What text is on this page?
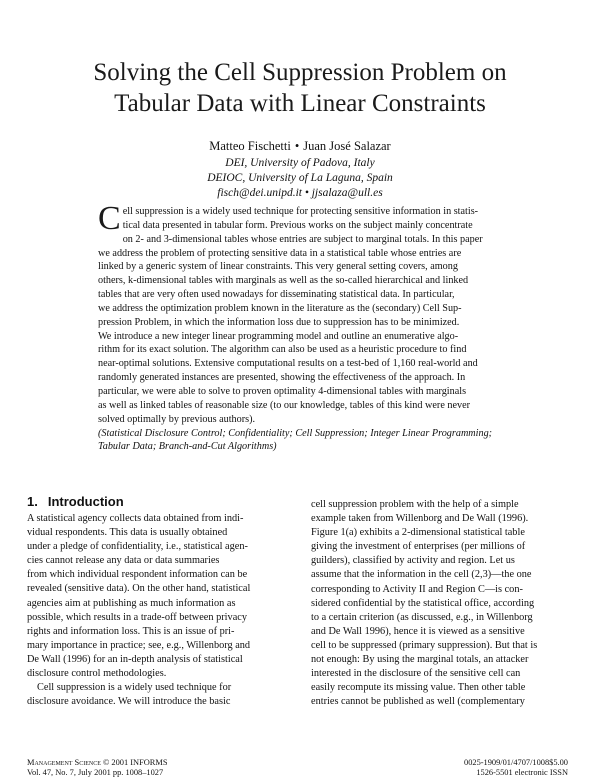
Solving the Cell Suppression Problem on
Tabular Data with Linear Constraints
Matteo Fischetti • Juan José Salazar
DEI, University of Padova, Italy
DEIOC, University of La Laguna, Spain
fisch@dei.unipd.it • jjsalaza@ull.es
C ell suppression is a widely used technique for protecting sensitive information in statis-
tical data presented in tabular form. Previous works on the subject mainly concentrate
on 2- and 3-dimensional tables whose entries are subject to marginal totals. In this paper
we address the problem of protecting sensitive data in a statistical table whose entries are
linked by a generic system of linear constraints. This very general setting covers, among
others, k-dimensional tables with marginals as well as the so-called hierarchical and linked
tables that are very often used nowadays for disseminating statistical data. In particular,
we address the optimization problem known in the literature as the (secondary) Cell Sup-
pression Problem, in which the information loss due to suppression has to be minimized.
We introduce a new integer linear programming model and outline an enumerative algo-
rithm for its exact solution. The algorithm can also be used as a heuristic procedure to find
near-optimal solutions. Extensive computational results on a test-bed of 1,160 real-world and
randomly generated instances are presented, showing the effectiveness of the approach. In
particular, we were able to solve to proven optimality 4-dimensional tables with marginals
as well as linked tables of reasonable size (to our knowledge, tables of this kind were never
solved optimally by previous authors).
(Statistical Disclosure Control; Confidentiality; Cell Suppression; Integer Linear Programming;
Tabular Data; Branch-and-Cut Algorithms)
1. Introduction
A statistical agency collects data obtained from indi-
vidual respondents. This data is usually obtained
under a pledge of confidentiality, i.e., statistical agen-
cies cannot release any data or data summaries
from which individual respondent information can be
revealed (sensitive data). On the other hand, statistical
agencies aim at publishing as much information as
possible, which results in a trade-off between privacy
rights and information loss. This is an issue of pri-
mary importance in practice; see, e.g., Willenborg and
De Wall (1996) for an in-depth analysis of statistical
disclosure control methodologies.
Cell suppression is a widely used technique for
disclosure avoidance. We will introduce the basic
cell suppression problem with the help of a simple
example taken from Willenborg and De Wall (1996).
Figure 1(a) exhibits a 2-dimensional statistical table
giving the investment of enterprises (per millions of
guilders), classified by activity and region. Let us
assume that the information in the cell (2,3)—the one
corresponding to Activity II and Region C—is con-
sidered confidential by the statistical office, according
to a certain criterion (as discussed, e.g., in Willenborg
and De Wall 1996), hence it is viewed as a sensitive
cell to be suppressed (primary suppression). But that is
not enough: By using the marginal totals, an attacker
interested in the disclosure of the sensitive cell can
easily recompute its missing value. Then other table
entries cannot be published as well (complementary
Management Science © 2001 INFORMS
Vol. 47, No. 7, July 2001 pp. 1008–1027
0025-1909/01/4707/1008$5.00
1526-5501 electronic ISSN
